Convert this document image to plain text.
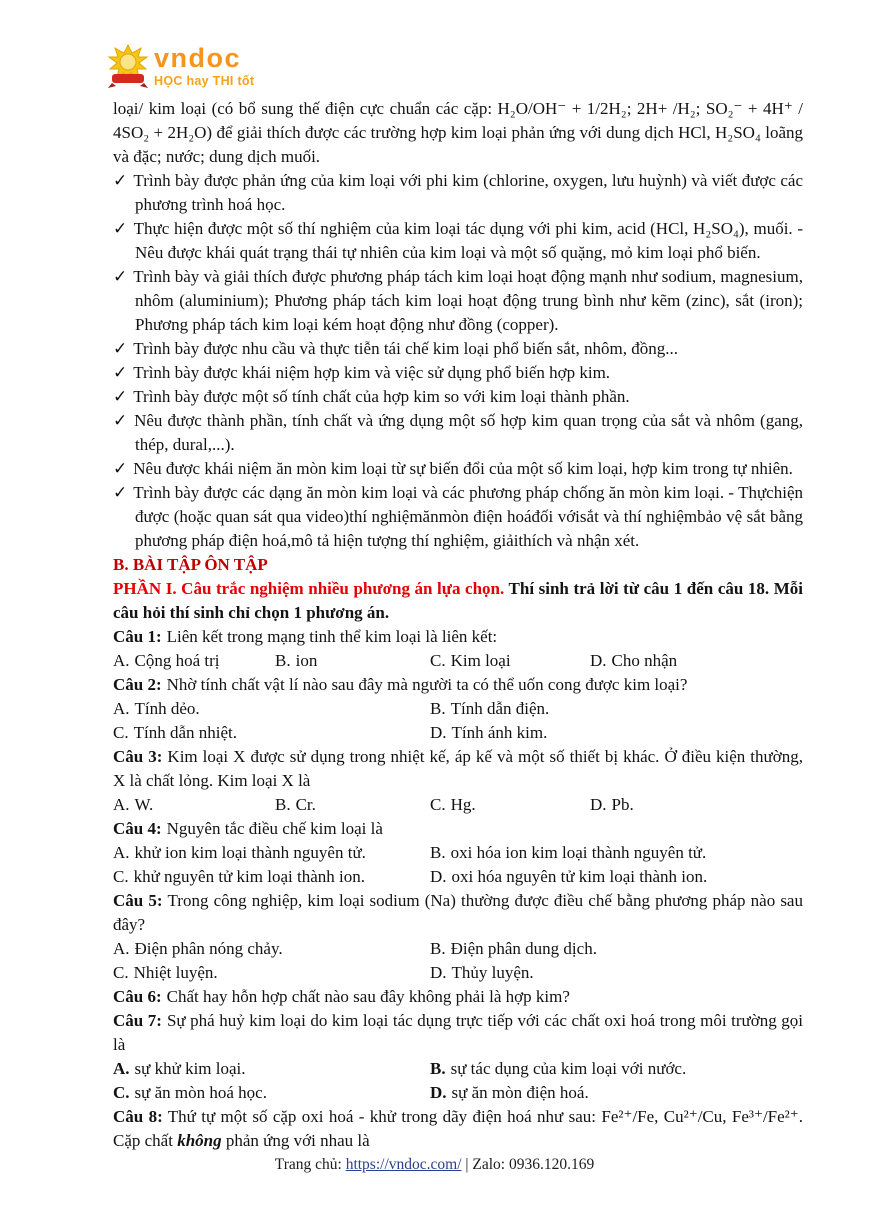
vndoc
HỌC hay THI tốt

loại/ kim loại (có bổ sung thế điện cực chuẩn các cặp: H₂O/OH⁻ + 1/2H₂; 2H+ /H₂; SO₂⁻ + 4H⁺ / 4SO₂ + 2H₂O) để giải thích được các trường hợp kim loại phản ứng với dung dịch HCl, H₂SO₄ loãng và đặc; nước; dung dịch muối.

✓ Trình bày được phản ứng của kim loại với phi kim (chlorine, oxygen, lưu huỳnh) và viết được các phương trình hoá học.
✓ Thực hiện được một số thí nghiệm của kim loại tác dụng với phi kim, acid (HCl, H₂SO₄), muối. - Nêu được khái quát trạng thái tự nhiên của kim loại và một số quặng, mỏ kim loại phổ biến.
✓ Trình bày và giải thích được phương pháp tách kim loại hoạt động mạnh như sodium, magnesium, nhôm (aluminium); Phương pháp tách kim loại hoạt động trung bình như kẽm (zinc), sắt (iron); Phương pháp tách kim loại kém hoạt động như đồng (copper).
✓ Trình bày được nhu cầu và thực tiễn tái chế kim loại phổ biến sắt, nhôm, đồng...
✓ Trình bày được khái niệm hợp kim và việc sử dụng phổ biến hợp kim.
✓ Trình bày được một số tính chất của hợp kim so với kim loại thành phần.
✓ Nêu được thành phần, tính chất và ứng dụng một số hợp kim quan trọng của sắt và nhôm (gang, thép, dural,...).
✓ Nêu được khái niệm ăn mòn kim loại từ sự biến đổi của một số kim loại, hợp kim trong tự nhiên.
✓ Trình bày được các dạng ăn mòn kim loại và các phương pháp chống ăn mòn kim loại. - Thựchiện được (hoặc quan sát qua video)thí nghiệmănmòn điện hoáđối vớisắt và thí nghiệmbảo vệ sắt bằng phương pháp điện hoá,mô tả hiện tượng thí nghiệm, giảithích và nhận xét.

B. BÀI TẬP ÔN TẬP

PHẦN I. Câu trắc nghiệm nhiều phương án lựa chọn. Thí sinh trả lời từ câu 1 đến câu 18. Mỗi câu hỏi thí sinh chỉ chọn 1 phương án.

Câu 1: Liên kết trong mạng tinh thể kim loại là liên kết:

A. Cộng hoá trị	B. ion	C. Kim loại	D. Cho nhận

Câu 2: Nhờ tính chất vật lí nào sau đây mà người ta có thể uốn cong được kim loại?

A. Tính dẻo.	B. Tính dẫn điện.
C. Tính dẫn nhiệt.	D. Tính ánh kim.

Câu 3: Kim loại X được sử dụng trong nhiệt kế, áp kế và một số thiết bị khác. Ở điều kiện thường, X là chất lỏng. Kim loại X là

A. W.	B. Cr.	C. Hg.	D. Pb.

Câu 4: Nguyên tắc điều chế kim loại là

A. khử ion kim loại thành nguyên tử.	B. oxi hóa ion kim loại thành nguyên tử.
C. khử nguyên tử kim loại thành ion.	D. oxi hóa nguyên tử kim loại thành ion.

Câu 5: Trong công nghiệp, kim loại sodium (Na) thường được điều chế bằng phương pháp nào sau đây?

A. Điện phân nóng chảy.	B. Điện phân dung dịch.
C. Nhiệt luyện.	D. Thủy luyện.

Câu 6: Chất hay hỗn hợp chất nào sau đây không phải là hợp kim?

Câu 7: Sự phá huỷ kim loại do kim loại tác dụng trực tiếp với các chất oxi hoá trong môi trường gọi là

A. sự khử kim loại.	B. sự tác dụng của kim loại với nước.
C. sự ăn mòn hoá học.	D. sự ăn mòn điện hoá.

Câu 8: Thứ tự một số cặp oxi hoá - khử trong dãy điện hoá như sau: Fe²⁺/Fe, Cu²⁺/Cu, Fe³⁺/Fe²⁺. Cặp chất không phản ứng với nhau là

Trang chủ: https://vndoc.com/ | Zalo: 0936.120.169
